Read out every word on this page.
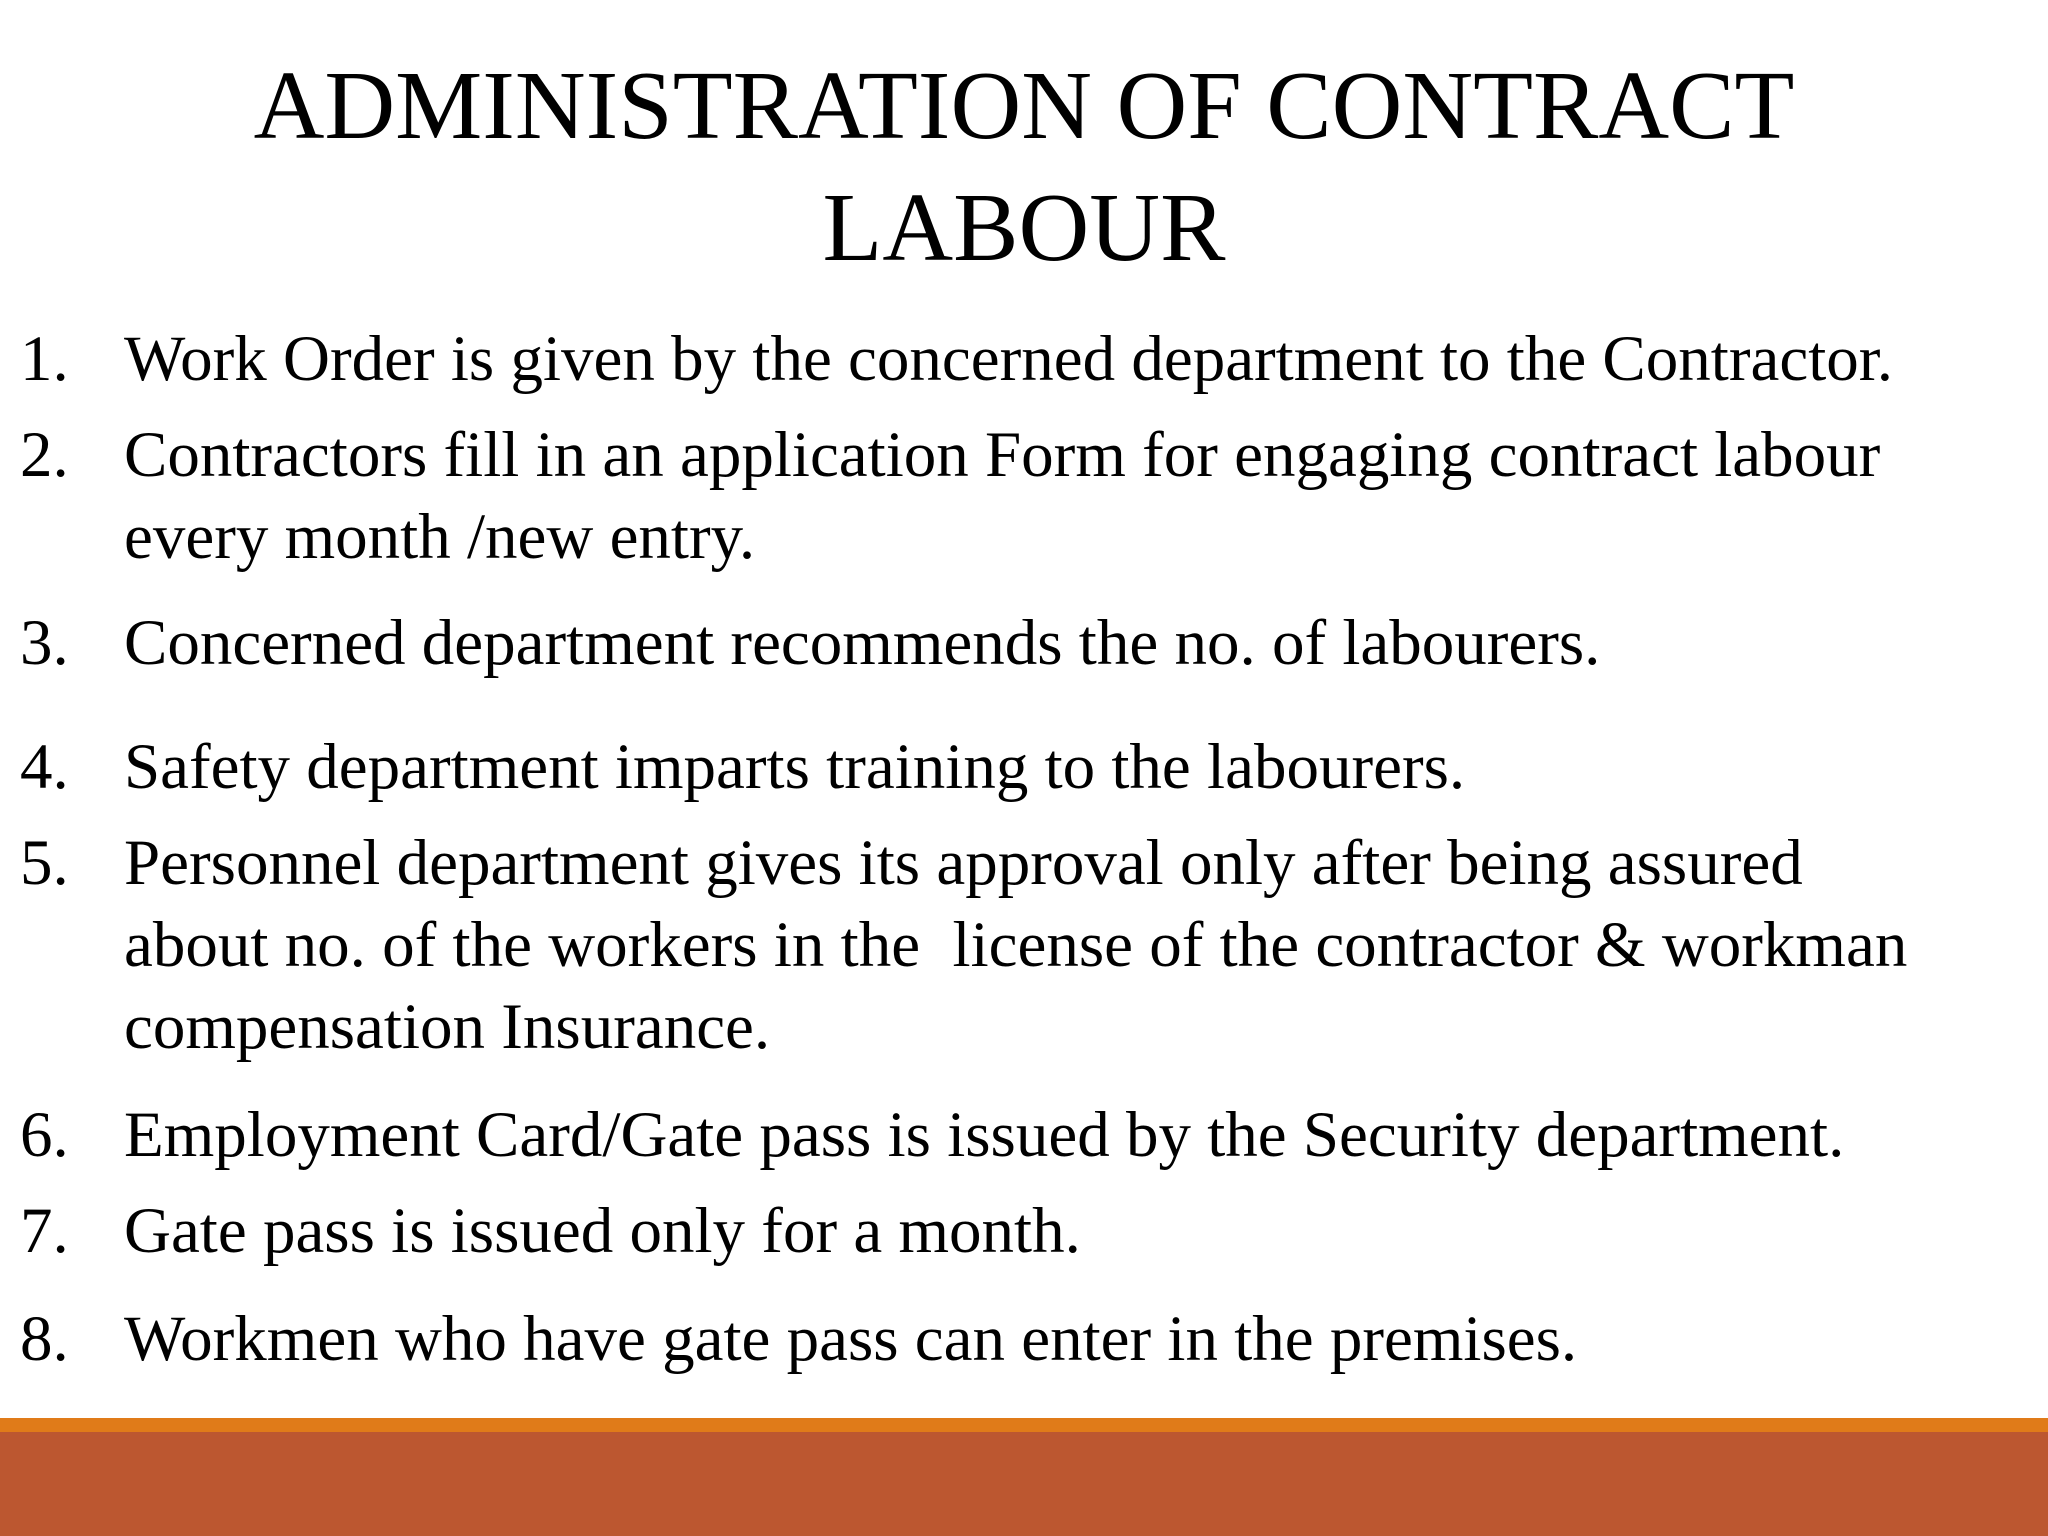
ADMINISTRATION OF CONTRACT
LABOUR
1. Work Order is given by the concerned department to the Contractor.
2. Contractors fill in an application Form for engaging contract labour
every month /new entry.
3. Concerned department recommends the no. of labourers.
4. Safety department imparts training to the labourers.
5. Personnel department gives its approval only after being assured
about no. of the workers in the  license of the contractor & workman
compensation Insurance.
6. Employment Card/Gate pass is issued by the Security department.
7. Gate pass is issued only for a month.
8. Workmen who have gate pass can enter in the premises.
